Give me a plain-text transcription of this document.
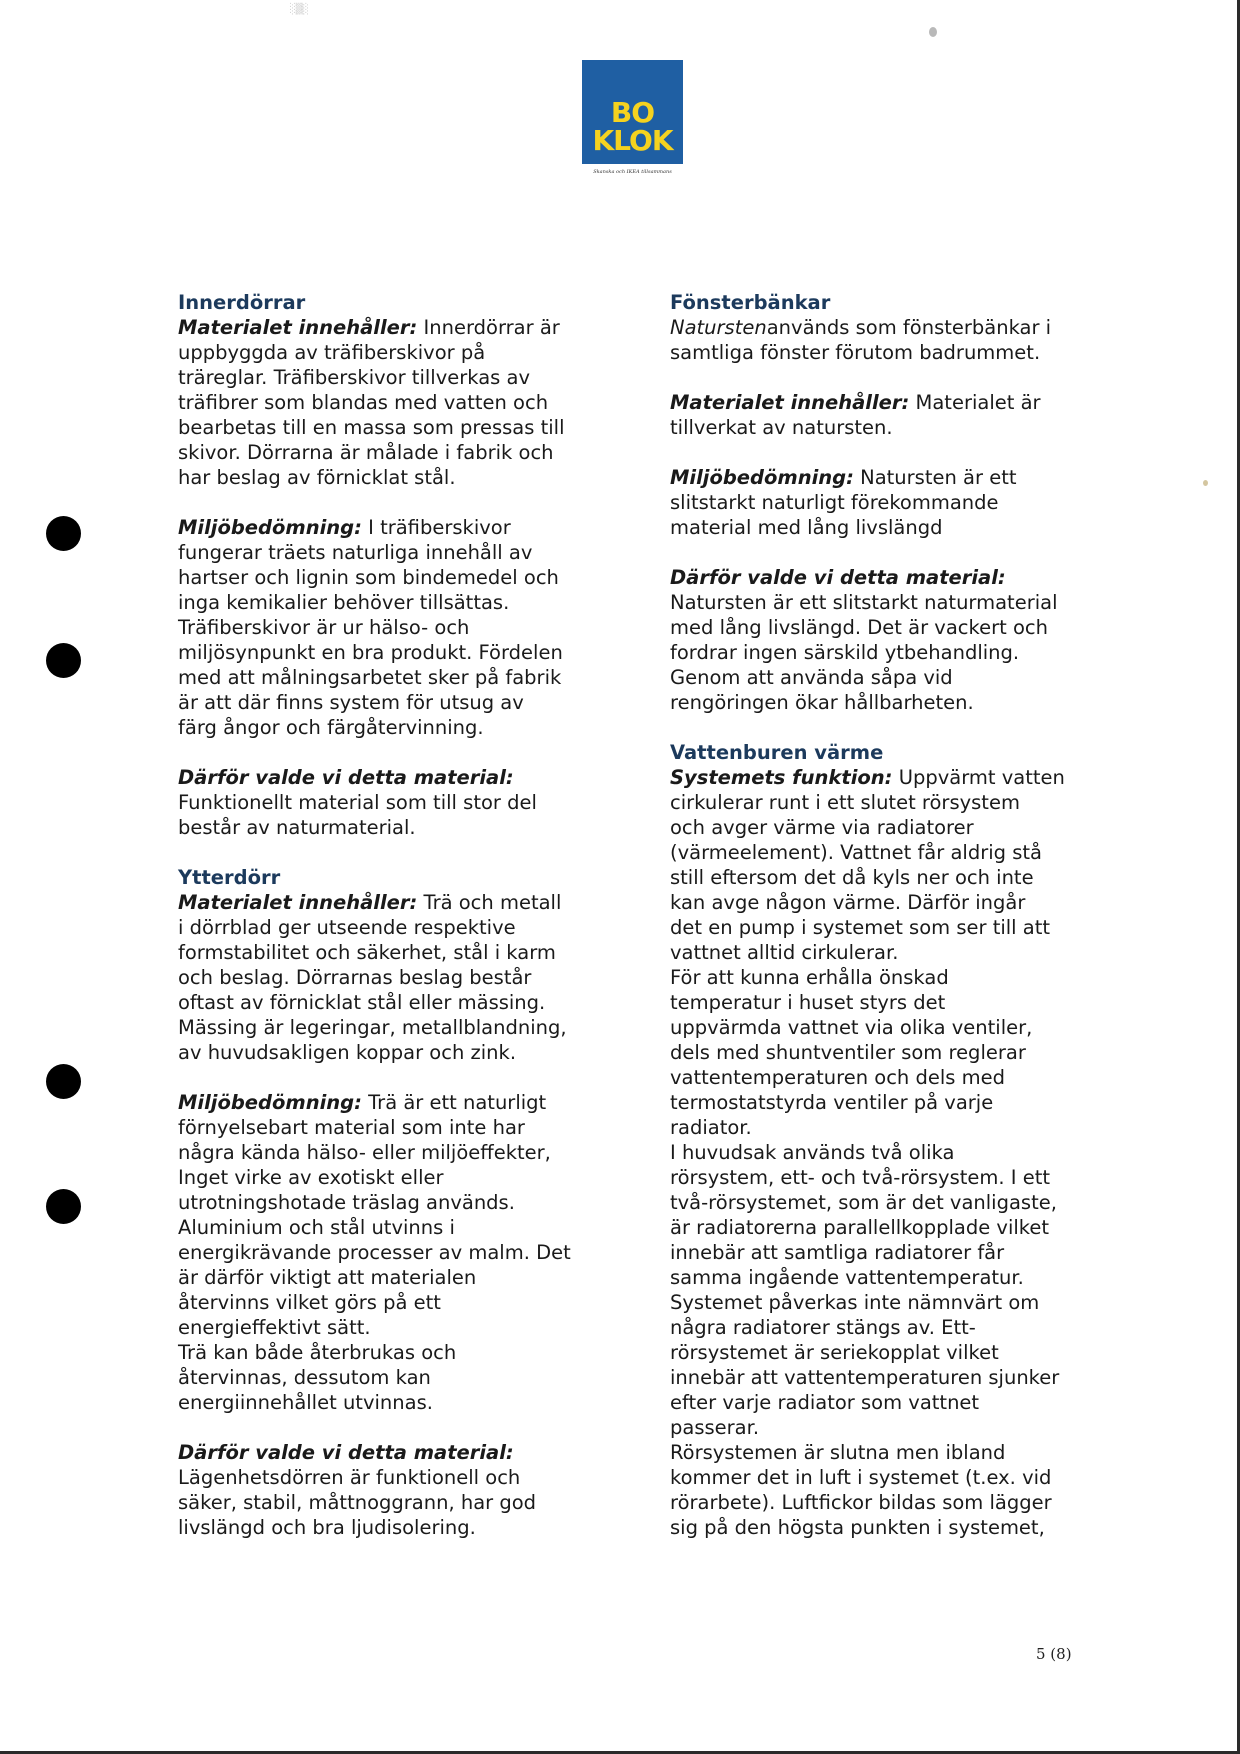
░▒░
BO
KLOK
Skanska och IKEA tillsammans
Innerdörrar

Materialet innehåller: Innerdörrar är
uppbyggda av träfiberskivor på
träreglar. Träfiberskivor tillverkas av
träfibrer som blandas med vatten och
bearbetas till en massa som pressas till
skivor. Dörrarna är målade i fabrik och
har beslag av förnicklat stål.

Miljöbedömning: I träfiberskivor
fungerar träets naturliga innehåll av
hartser och lignin som bindemedel och
inga kemikalier behöver tillsättas.
Träfiberskivor är ur hälso- och
miljösynpunkt en bra produkt. Fördelen
med att målningsarbetet sker på fabrik
är att där finns system för utsug av
färg ångor och färgåtervinning.

Därför valde vi detta material:
Funktionellt material som till stor del
består av naturmaterial.

Ytterdörr

Materialet innehåller: Trä och metall
i dörrblad ger utseende respektive
formstabilitet och säkerhet, stål i karm
och beslag. Dörrarnas beslag består
oftast av förnicklat stål eller mässing.
Mässing är legeringar, metallblandning,
av huvudsakligen koppar och zink.

Miljöbedömning: Trä är ett naturligt
förnyelsebart material som inte har
några kända hälso- eller miljöeffekter,
Inget virke av exotiskt eller
utrotningshotade träslag används.
Aluminium och stål utvinns i
energikrävande processer av malm. Det
är därför viktigt att materialen
återvinns vilket görs på ett
energieffektivt sätt.
Trä kan både återbrukas och
återvinnas, dessutom kan
energiinnehållet utvinnas.

Därför valde vi detta material:
Lägenhetsdörren är funktionell och
säker, stabil, måttnoggrann, har god
livslängd och bra ljudisolering.

Fönsterbänkar

Naturstenanvänds som fönsterbänkar i
samtliga fönster förutom badrummet.

Materialet innehåller: Materialet är
tillverkat av natursten.

Miljöbedömning: Natursten är ett
slitstarkt naturligt förekommande
material med lång livslängd

Därför valde vi detta material:
Natursten är ett slitstarkt naturmaterial
med lång livslängd. Det är vackert och
fordrar ingen särskild ytbehandling.
Genom att använda såpa vid
rengöringen ökar hållbarheten.

Vattenburen värme

Systemets funktion: Uppvärmt vatten
cirkulerar runt i ett slutet rörsystem
och avger värme via radiatorer
(värmeelement). Vattnet får aldrig stå
still eftersom det då kyls ner och inte
kan avge någon värme. Därför ingår
det en pump i systemet som ser till att
vattnet alltid cirkulerar.
För att kunna erhålla önskad
temperatur i huset styrs det
uppvärmda vattnet via olika ventiler,
dels med shuntventiler som reglerar
vattentemperaturen och dels med
termostatstyrda ventiler på varje
radiator.
I huvudsak används två olika
rörsystem, ett- och två-rörsystem. I ett
två-rörsystemet, som är det vanligaste,
är radiatorerna parallellkopplade vilket
innebär att samtliga radiatorer får
samma ingående vattentemperatur.
Systemet påverkas inte nämnvärt om
några radiatorer stängs av. Ett-
rörsystemet är seriekopplat vilket
innebär att vattentemperaturen sjunker
efter varje radiator som vattnet
passerar.
Rörsystemen är slutna men ibland
kommer det in luft i systemet (t.ex. vid
rörarbete). Luftfickor bildas som lägger
sig på den högsta punkten i systemet,

5 (8)
